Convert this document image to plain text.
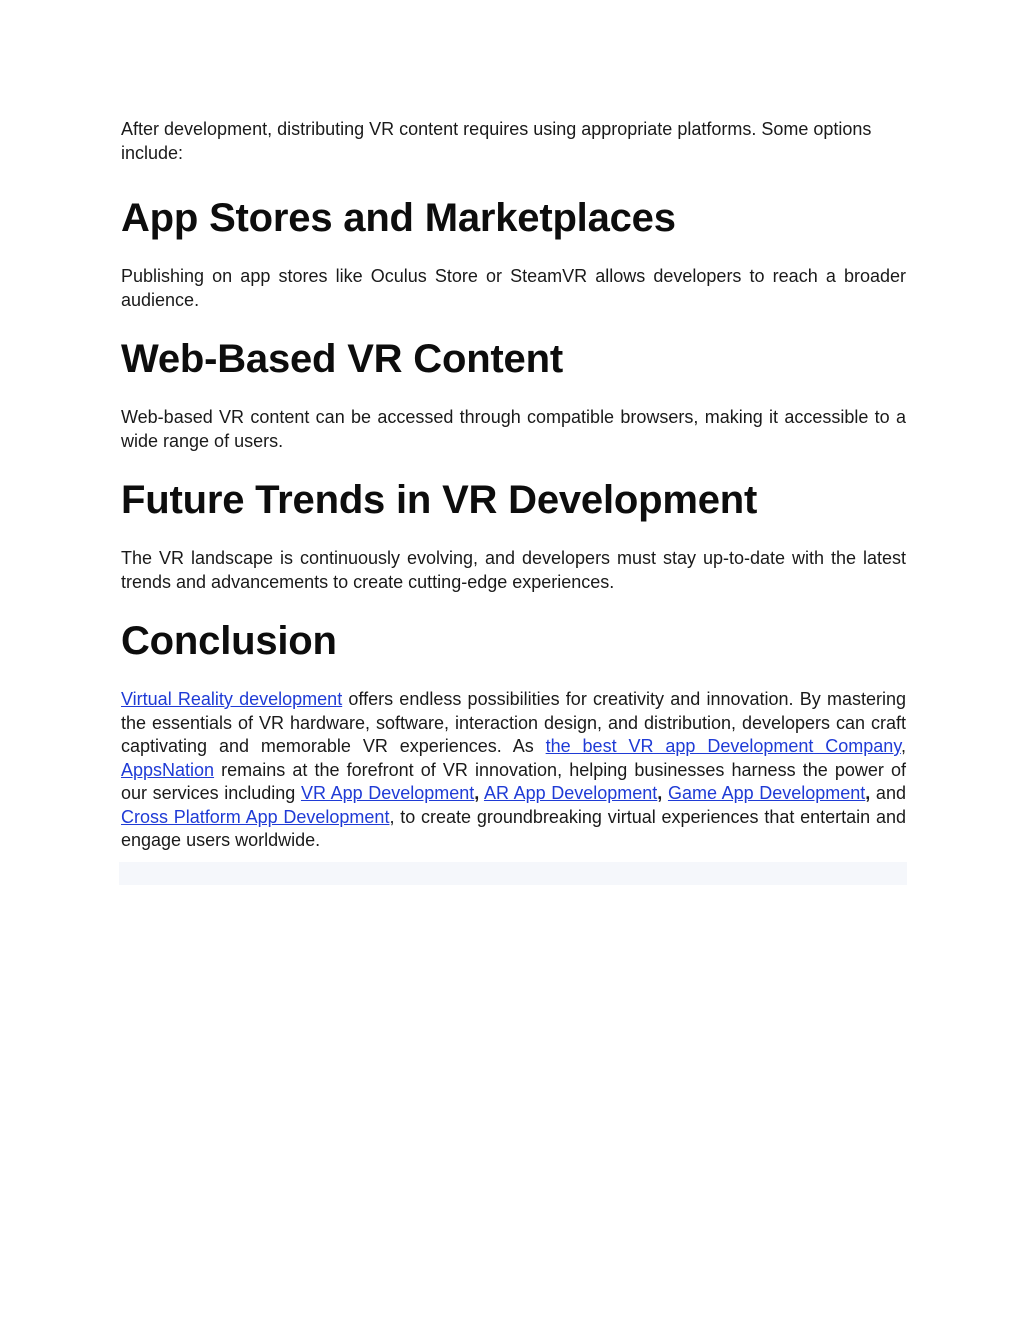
After development, distributing VR content requires using appropriate platforms. Some options include:

App Stores and Marketplaces

Publishing on app stores like Oculus Store or SteamVR allows developers to reach a broader audience.

Web-Based VR Content

Web-based VR content can be accessed through compatible browsers, making it accessible to a wide range of users.

Future Trends in VR Development

The VR landscape is continuously evolving, and developers must stay up-to-date with the latest trends and advancements to create cutting-edge experiences.

Conclusion

Virtual Reality development offers endless possibilities for creativity and innovation. By mastering the essentials of VR hardware, software, interaction design, and distribution, developers can craft captivating and memorable VR experiences. As the best VR app Development Company, AppsNation remains at the forefront of VR innovation, helping businesses harness the power of our services including VR App Development, AR App Development, Game App Development, and Cross Platform App Development, to create groundbreaking virtual experiences that entertain and engage users worldwide.
